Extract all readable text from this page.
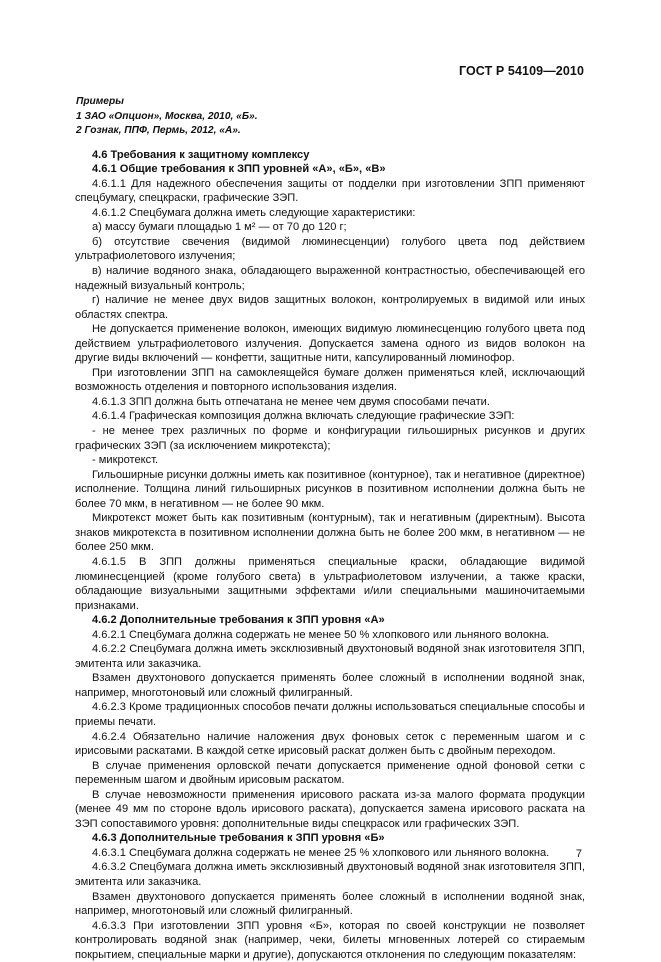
ГОСТ Р 54109—2010

Примеры

1 ЗАО «Опцион», Москва, 2010, «Б».

2 Гознак, ППФ, Пермь, 2012, «А».

4.6 Требования к защитному комплексу

4.6.1 Общие требования к ЗПП уровней «А», «Б», «В»

4.6.1.1 Для надежного обеспечения защиты от подделки при изготовлении ЗПП применяют спецбумагу, спецкраски, графические ЗЭП.

4.6.1.2 Спецбумага должна иметь следующие характеристики:

а) массу бумаги площадью 1 м² — от 70 до 120 г;

б) отсутствие свечения (видимой люминесценции) голубого цвета под действием ультрафиолетового излучения;

в) наличие водяного знака, обладающего выраженной контрастностью, обеспечивающей его надежный визуальный контроль;

г) наличие не менее двух видов защитных волокон, контролируемых в видимой или иных областях спектра.

Не допускается применение волокон, имеющих видимую люминесценцию голубого цвета под действием ультрафиолетового излучения. Допускается замена одного из видов волокон на другие виды включений — конфетти, защитные нити, капсулированный люминофор.

При изготовлении ЗПП на самоклеящейся бумаге должен применяться клей, исключающий возможность отделения и повторного использования изделия.

4.6.1.3 ЗПП должна быть отпечатана не менее чем двумя способами печати.

4.6.1.4 Графическая композиция должна включать следующие графические ЗЭП:

- не менее трех различных по форме и конфигурации гильоширных рисунков и других графических ЗЭП (за исключением микротекста);

- микротекст.

Гильоширные рисунки должны иметь как позитивное (контурное), так и негативное (директное) исполнение. Толщина линий гильоширных рисунков в позитивном исполнении должна быть не более 70 мкм, в негативном — не более 90 мкм.

Микротекст может быть как позитивным (контурным), так и негативным (директным). Высота знаков микротекста в позитивном исполнении должна быть не более 200 мкм, в негативном — не более 250 мкм.

4.6.1.5 В ЗПП должны применяться специальные краски, обладающие видимой люминесценцией (кроме голубого света) в ультрафиолетовом излучении, а также краски, обладающие визуальными защитными эффектами и/или специальными машиночитаемыми признаками.

4.6.2 Дополнительные требования к ЗПП уровня «А»

4.6.2.1 Спецбумага должна содержать не менее 50 % хлопкового или льняного волокна.

4.6.2.2 Спецбумага должна иметь эксклюзивный двухтоновый водяной знак изготовителя ЗПП, эмитента или заказчика.

Взамен двухтонового допускается применять более сложный в исполнении водяной знак, например, многотоновый или сложный филигранный.

4.6.2.3 Кроме традиционных способов печати должны использоваться специальные способы и приемы печати.

4.6.2.4 Обязательно наличие наложения двух фоновых сеток с переменным шагом и с ирисовыми раскатами. В каждой сетке ирисовый раскат должен быть с двойным переходом.

В случае применения орловской печати допускается применение одной фоновой сетки с переменным шагом и двойным ирисовым раскатом.

В случае невозможности применения ирисового раската из-за малого формата продукции (менее 49 мм по стороне вдоль ирисового раската), допускается замена ирисового раската на ЗЭП сопоставимого уровня: дополнительные виды спецкрасок или графических ЗЭП.

4.6.3 Дополнительные требования к ЗПП уровня «Б»

4.6.3.1 Спецбумага должна содержать не менее 25 % хлопкового или льняного волокна.

4.6.3.2 Спецбумага должна иметь эксклюзивный двухтоновый водяной знак изготовителя ЗПП, эмитента или заказчика.

Взамен двухтонового допускается применять более сложный в исполнении водяной знак, например, многотоновый или сложный филигранный.

4.6.3.3 При изготовлении ЗПП уровня «Б», которая по своей конструкции не позволяет контролировать водяной знак (например, чеки, билеты мгновенных лотерей со стираемым покрытием, специальные марки и другие), допускаются отклонения по следующим показателям:

7
